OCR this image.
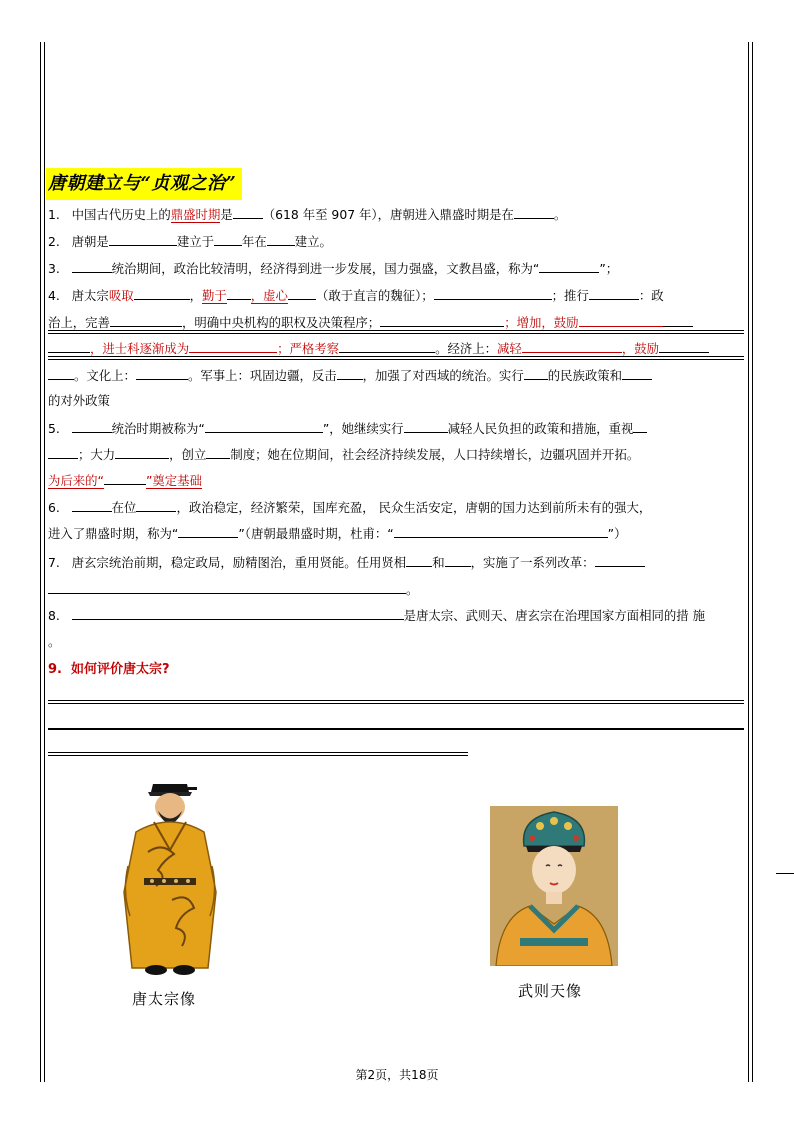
唐朝建立与“贞观之治”
1. 中国古代历史上的鼎盛时期是 （618 年至 907 年），唐朝进入鼎盛时期是在	。
2. 唐朝是	建立于 年在 建立。
3.	统治期间，政治比较清明，经济得到进一步发展，国力强盛，文教昌盛，称为“	”；
4. 唐太宗吸取	，勤于 ，虚心 （敢于直言的魏征）；	；推行	：政
治上，完善	，明确中央机构的职权及决策程序；	；增加，鼓励
，进士科逐渐成为	；严格考察	。经济上：减轻	，鼓励
。文化上：	。军事上：巩固边疆，反击 ，加强了对西域的统治。实行 的民族政策和
的对外政策
5.	统治时期被称为“	”，她继续实行	减轻人民负担的政策和措施，重视
；大力	，创立 制度；她在位期间，社会经济持续发展，人口持续增长，边疆巩固并开拓。
为后来的“	”奠定基础
6.	在位	，政治稳定，经济繁荣，国库充盈， 民众生活安定，唐朝的国力达到前所未有的强大，
进入了鼎盛时期，称为“	”（唐朝最鼎盛时期，杜甫：“	”）
7. 唐玄宗统治前期，稳定政局，励精图治，重用贤能。任用贤相 和 ，实施了一系列改革：
。
8.	是唐太宗、武则天、唐玄宗在治理国家方面相同的措 施
。
9. 如何评价唐太宗?
唐太宗像	武则天像
第2页，共18页
